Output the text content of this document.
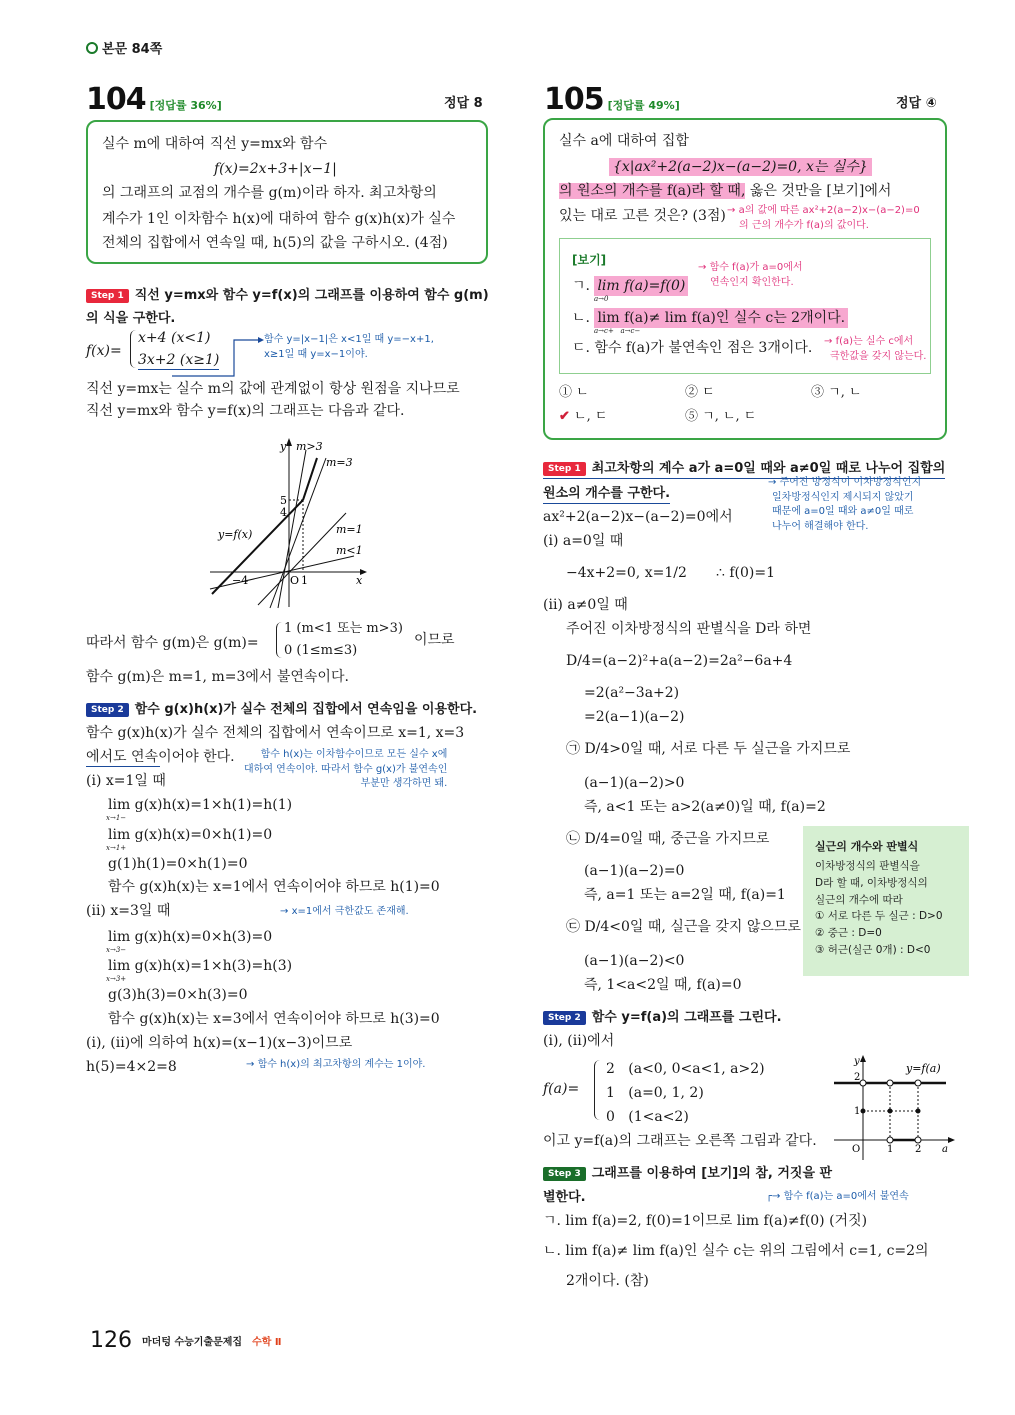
본문 84쪽
104 [정답률 36%]	정답 8
실수 m에 대하여 직선 y=mx와 함수
f(x)=2x+3+|x−1|
의 그래프의 교점의 개수를 g(m)이라 하자. 최고차항의
계수가 1인 이차함수 h(x)에 대하여 함수 g(x)h(x)가 실수
전체의 집합에서 연속일 때, h(5)의 값을 구하시오. (4점)
Step 1 직선 y=mx와 함수 y=f(x)의 그래프를 이용하여 함수 g(m)
의 식을 구한다.
f(x)=
x+4 (x<1)
3x+2 (x≥1)
함수 y=|x−1|은 x<1일 때 y=−x+1,
x≥1일 때 y=x−1이야.
직선 y=mx는 실수 m의 값에 관계없이 항상 원점을 지나므로
직선 y=mx와 함수 y=f(x)의 그래프는 다음과 같다.
y m>3
m=3
m=1
m<1
y=f(x)
5
4
−4	O 1	x
따라서 함수 g(m)은 g(m)=
1 (m<1 또는 m>3)
0 (1≤m≤3)
이므로
함수 g(m)은 m=1, m=3에서 불연속이다.
Step 2 함수 g(x)h(x)가 실수 전체의 집합에서 연속임을 이용한다.
함수 g(x)h(x)가 실수 전체의 집합에서 연속이므로 x=1, x=3
에서도 연속이어야 한다.	함수 h(x)는 이차함수이므로 모든 실수 x에
대하여 연속이야. 따라서 함수 g(x)가 불연속인
부분만 생각하면 돼.
(i) x=1일 때
lim g(x)h(x)=1×h(1)=h(1)
x→1−
lim g(x)h(x)=0×h(1)=0
x→1+
g(1)h(1)=0×h(1)=0
함수 g(x)h(x)는 x=1에서 연속이어야 하므로 h(1)=0
(ii) x=3일 때	→ x=1에서 극한값도 존재해.
lim g(x)h(x)=0×h(3)=0
x→3−
lim g(x)h(x)=1×h(3)=h(3)
x→3+
g(3)h(3)=0×h(3)=0
함수 g(x)h(x)는 x=3에서 연속이어야 하므로 h(3)=0
(i), (ii)에 의하여 h(x)=(x−1)(x−3)이므로
h(5)=4×2=8	→ 함수 h(x)의 최고차항의 계수는 1이야.
105 [정답률 49%]	정답 ④
실수 a에 대하여 집합
{x|ax²+2(a−2)x−(a−2)=0, x는 실수}
의 원소의 개수를 f(a)라 할 때, 옳은 것만을 [보기]에서
있는 대로 고른 것은? (3점) → a의 값에 따른 ax²+2(a−2)x−(a−2)=0
의 근의 개수가 f(a)의 값이다.
[보기]
ㄱ. lim f(a)=f(0)
a→0
→ 함수 f(a)가 a=0에서
연속인지 확인한다.
ㄴ. lim f(a)≠ lim f(a)인 실수 c는 2개이다.
a→c+   a→c−
ㄷ. 함수 f(a)가 불연속인 점은 3개이다. → f(a)는 실수 c에서
극한값을 갖지 않는다.
① ㄴ	② ㄷ	③ ㄱ, ㄴ
✔ ㄴ, ㄷ	⑤ ㄱ, ㄴ, ㄷ
Step 1 최고차항의 계수 a가 a=0일 때와 a≠0일 때로 나누어 집합의
원소의 개수를 구한다.
→ 주어진 방정식이 이차방정식인지
일차방정식인지 제시되지 않았기
때문에 a=0일 때와 a≠0일 때로
나누어 해결해야 한다.
ax²+2(a−2)x−(a−2)=0에서
(i) a=0일 때
−4x+2=0, x=1/2 ∴ f(0)=1
(ii) a≠0일 때
주어진 이차방정식의 판별식을 D라 하면
D/4=(a−2)²+a(a−2)=2a²−6a+4
=2(a²−3a+2)
=2(a−1)(a−2)
㉠ D/4>0일 때, 서로 다른 두 실근을 가지므로
(a−1)(a−2)>0
즉, a<1 또는 a>2(a≠0)일 때, f(a)=2
㉡ D/4=0일 때, 중근을 가지므로
(a−1)(a−2)=0
즉, a=1 또는 a=2일 때, f(a)=1
㉢ D/4<0일 때, 실근을 갖지 않으므로
(a−1)(a−2)<0
즉, 1<a<2일 때, f(a)=0
실근의 개수와 판별식
이차방정식의 판별식을
D라 할 때, 이차방정식의
실근의 개수에 따라
① 서로 다른 두 실근 : D>0
② 중근 : D=0
③ 허근(실근 0개) : D<0
Step 2 함수 y=f(a)의 그래프를 그린다.
(i), (ii)에서
f(a)=
2   (a<0, 0<a<1, a>2)
1   (a=0, 1, 2)
0   (1<a<2)
이고 y=f(a)의 그래프는 오른쪽 그림과 같다.
y
y=f(a)
2
1
O	1 2 a
Step 3 그래프를 이용하여 [보기]의 참, 거짓을 판
별한다.	┌→ 함수 f(a)는 a=0에서 불연속
ㄱ. lim f(a)=2, f(0)=1이므로 lim f(a)≠f(0) (거짓)
ㄴ. lim f(a)≠ lim f(a)인 실수 c는 위의 그림에서 c=1, c=2의
2개이다. (참)
126 마더텅 수능기출문제집 수학 Ⅱ
